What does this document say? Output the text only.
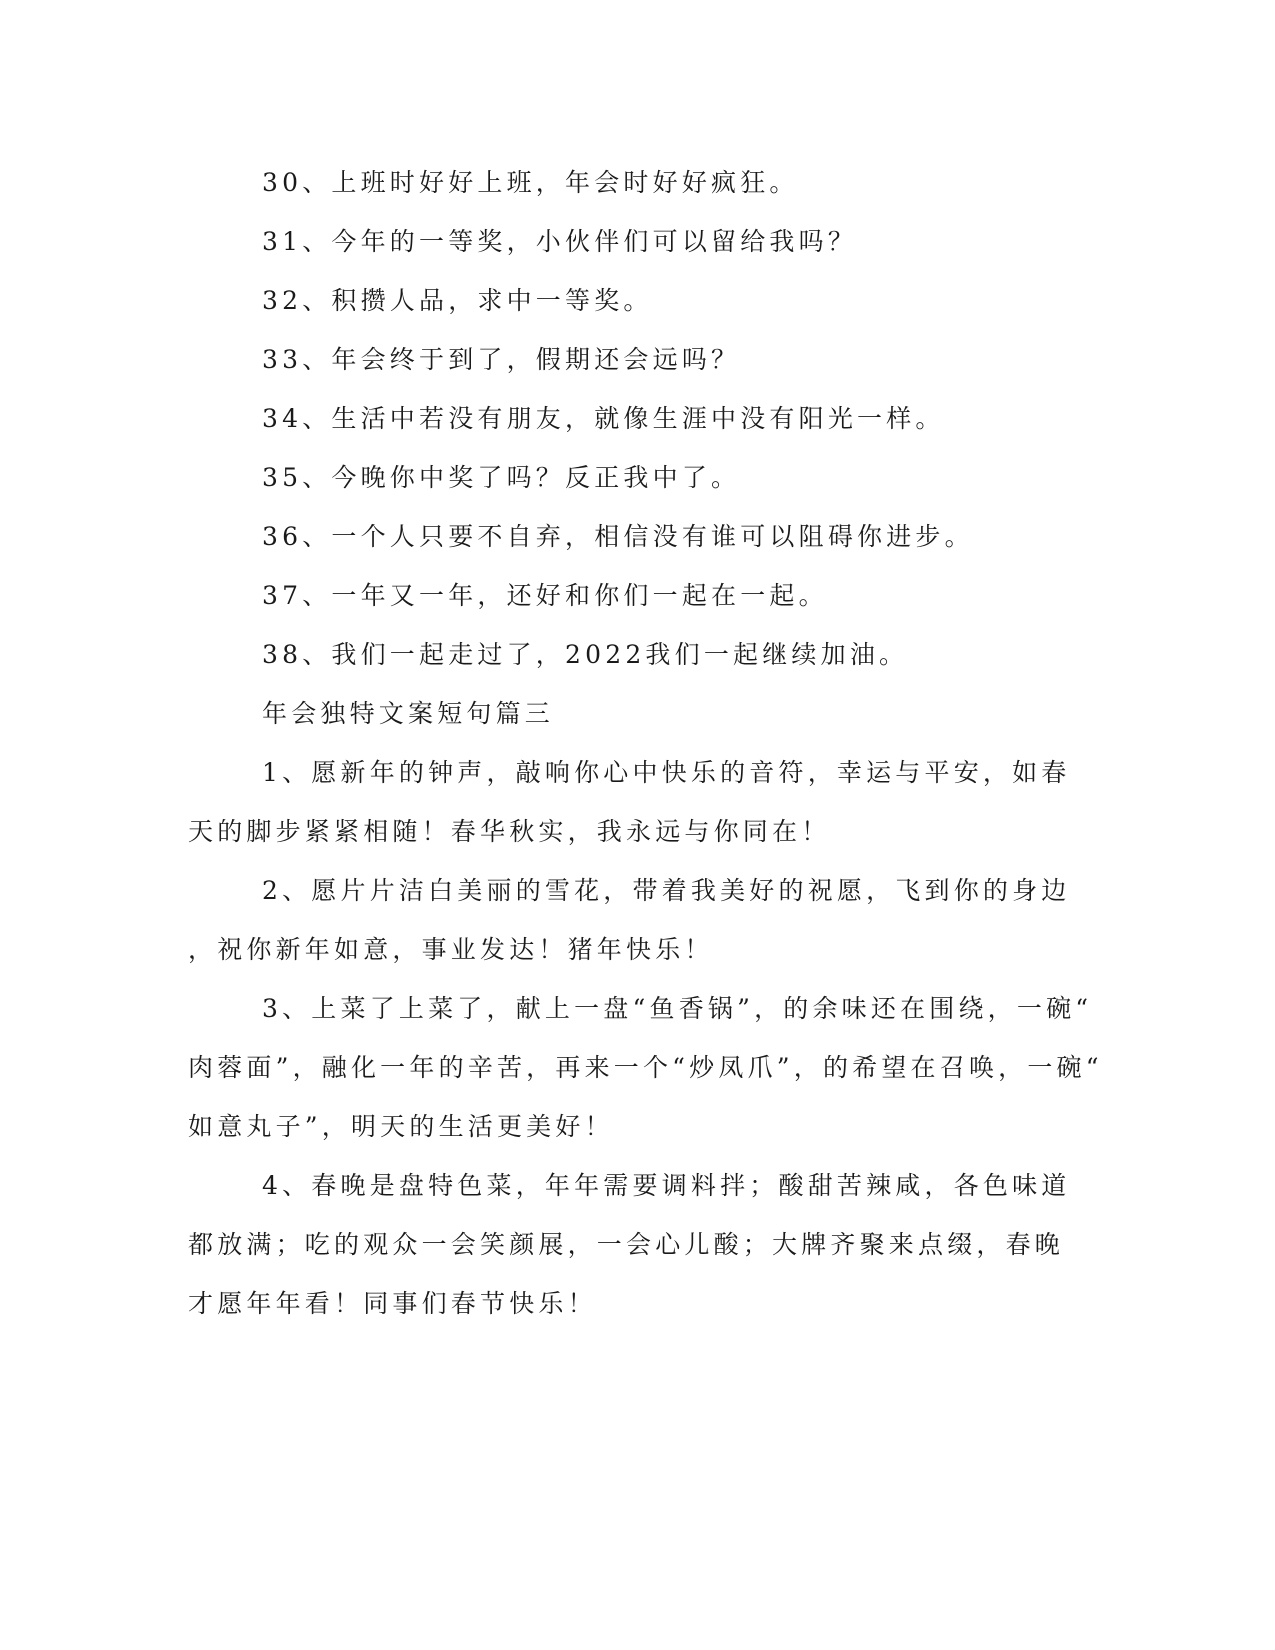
30、上班时好好上班，年会时好好疯狂。
31、今年的一等奖，小伙伴们可以留给我吗？
32、积攒人品，求中一等奖。
33、年会终于到了，假期还会远吗？
34、生活中若没有朋友，就像生涯中没有阳光一样。
35、今晚你中奖了吗？反正我中了。
36、一个人只要不自弃，相信没有谁可以阻碍你进步。
37、一年又一年，还好和你们一起在一起。
38、我们一起走过了，2022我们一起继续加油。
年会独特文案短句篇三
1、愿新年的钟声，敲响你心中快乐的音符，幸运与平安，如春
天的脚步紧紧相随！春华秋实，我永远与你同在！
2、愿片片洁白美丽的雪花，带着我美好的祝愿，飞到你的身边
，祝你新年如意，事业发达！猪年快乐！
3、上菜了上菜了，献上一盘“鱼香锅”，的余味还在围绕，一碗“
肉蓉面”，融化一年的辛苦，再来一个“炒凤爪”，的希望在召唤，一碗“
如意丸子”，明天的生活更美好！
4、春晚是盘特色菜，年年需要调料拌；酸甜苦辣咸，各色味道
都放满；吃的观众一会笑颜展，一会心儿酸；大牌齐聚来点缀，春晚
才愿年年看！同事们春节快乐！
